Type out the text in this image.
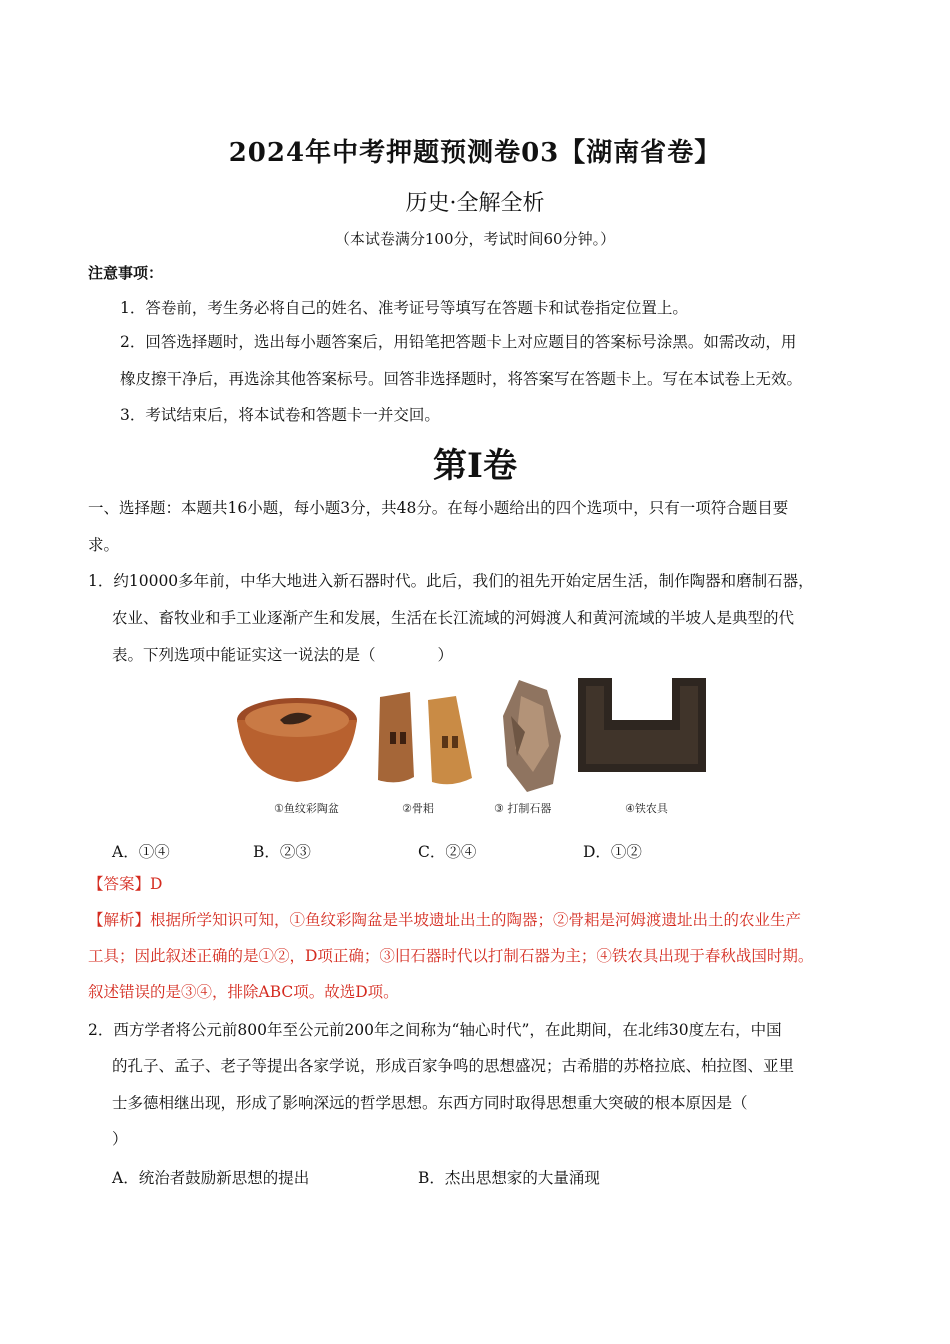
2024年中考押题预测卷03【湖南省卷】
历史·全解全析
（本试卷满分100分，考试时间60分钟。）
注意事项：
1．答卷前，考生务必将自己的姓名、准考证号等填写在答题卡和试卷指定位置上。
2．回答选择题时，选出每小题答案后，用铅笔把答题卡上对应题目的答案标号涂黑。如需改动，用
橡皮擦干净后，再选涂其他答案标号。回答非选择题时，将答案写在答题卡上。写在本试卷上无效。
3．考试结束后，将本试卷和答题卡一并交回。
第Ⅰ卷
一、选择题：本题共16小题，每小题3分，共48分。在每小题给出的四个选项中，只有一项符合题目要
求。
1．约10000多年前，中华大地进入新石器时代。此后，我们的祖先开始定居生活，制作陶器和磨制石器，
农业、畜牧业和手工业逐渐产生和发展，生活在长江流域的河姆渡人和黄河流域的半坡人是典型的代
表。下列选项中能证实这一说法的是（　　　　）
①鱼纹彩陶盆	②骨耜	③ 打制石器	④铁农具
A．①④	B．②③	C．②④	D．①②
【答案】D
【解析】根据所学知识可知，①鱼纹彩陶盆是半坡遗址出土的陶器；②骨耜是河姆渡遗址出土的农业生产
工具；因此叙述正确的是①②，D项正确；③旧石器时代以打制石器为主；④铁农具出现于春秋战国时期。
叙述错误的是③④，排除ABC项。故选D项。
2．西方学者将公元前800年至公元前200年之间称为“轴心时代”，在此期间，在北纬30度左右，中国
的孔子、孟子、老子等提出各家学说，形成百家争鸣的思想盛况；古希腊的苏格拉底、柏拉图、亚里
士多德相继出现，形成了影响深远的哲学思想。东西方同时取得思想重大突破的根本原因是（
）
A．统治者鼓励新思想的提出	B．杰出思想家的大量涌现
